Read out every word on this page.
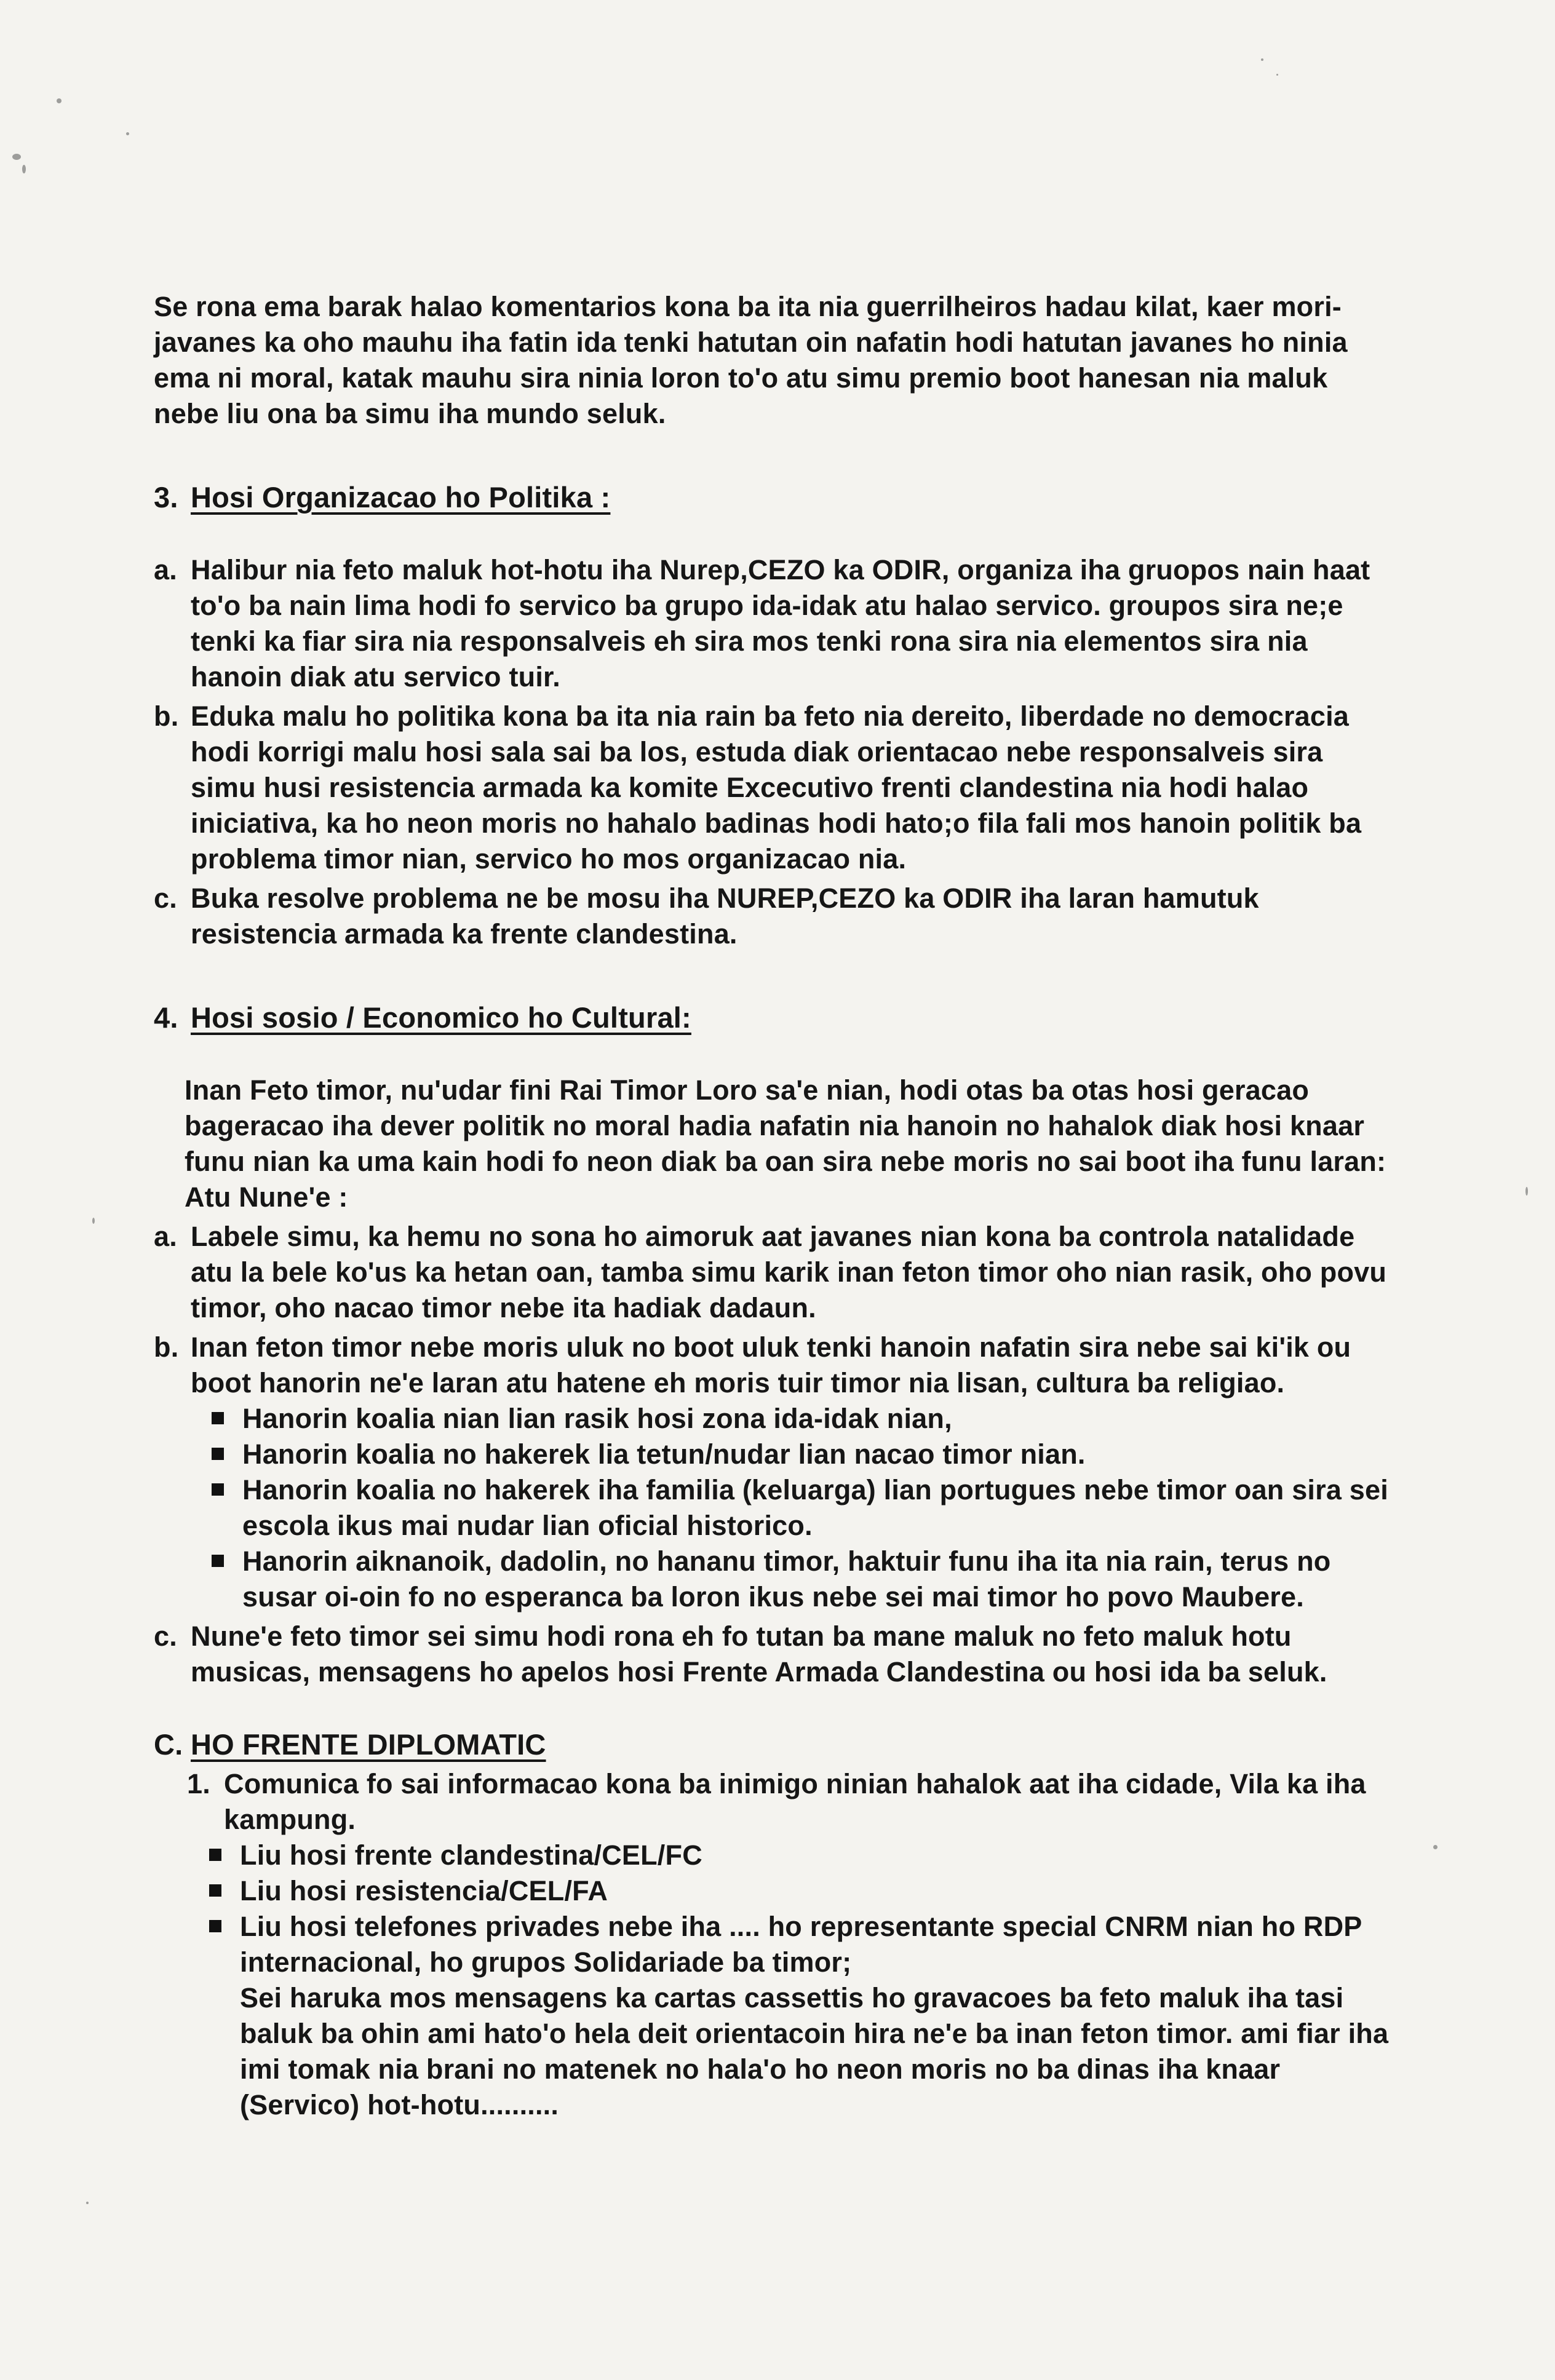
Se rona ema barak halao komentarios kona ba ita nia guerrilheiros hadau kilat, kaer mori-javanes ka oho mauhu iha fatin ida tenki hatutan oin nafatin hodi hatutan javanes ho ninia ema ni moral, katak mauhu sira ninia loron to'o atu simu premio boot hanesan nia maluk nebe liu ona ba simu iha mundo seluk.

3. Hosi Organizacao ho Politika :
a. Halibur nia feto maluk hot-hotu iha Nurep,CEZO ka ODIR, organiza iha gruopos nain haat to'o ba nain lima hodi fo servico ba grupo ida-idak atu halao servico. groupos sira ne;e tenki ka fiar sira nia responsalveis eh sira mos tenki rona sira nia elementos sira nia hanoin diak atu servico tuir.
b. Eduka malu ho politika kona ba ita nia rain ba feto nia dereito, liberdade no democracia hodi korrigi malu hosi sala sai ba los, estuda diak orientacao nebe responsalveis sira simu husi resistencia armada ka komite Excecutivo frenti clandestina nia hodi halao iniciativa, ka ho neon moris no hahalo badinas hodi hato;o fila fali mos hanoin politik ba problema timor nian, servico ho mos organizacao nia.
c. Buka resolve problema ne be mosu iha NUREP,CEZO ka ODIR iha laran hamutuk resistencia armada ka frente clandestina.
4. Hosi sosio / Economico ho Cultural:

Inan Feto timor, nu'udar fini Rai Timor Loro sa'e nian, hodi otas ba otas hosi geracao bageracao iha dever politik no moral hadia nafatin nia hanoin no hahalok diak hosi knaar funu nian ka uma kain hodi fo neon diak ba oan sira nebe moris no sai boot iha funu laran:

Atu Nune'e :

a. Labele simu, ka hemu no sona ho aimoruk aat javanes nian kona ba controla natalidade atu la bele ko'us ka hetan oan, tamba simu karik inan feton timor oho nian rasik, oho povu timor, oho nacao timor nebe ita hadiak dadaun.
b. Inan feton timor nebe moris uluk no boot uluk tenki hanoin nafatin sira nebe sai ki'ik ou boot hanorin ne'e laran atu hatene eh moris tuir timor nia lisan, cultura ba religiao.
Hanorin koalia nian lian rasik hosi zona ida-idak nian,
Hanorin koalia no hakerek lia tetun/nudar lian nacao timor nian.
Hanorin koalia no hakerek iha familia (keluarga) lian portugues nebe timor oan sira sei escola ikus mai nudar lian oficial historico.
Hanorin aiknanoik, dadolin, no hananu timor, haktuir funu iha ita nia rain, terus no susar oi-oin fo no esperanca ba loron ikus nebe sei mai timor ho povo Maubere.
c. Nune'e feto timor sei simu hodi rona eh fo tutan ba mane maluk no feto maluk hotu musicas, mensagens ho apelos hosi Frente Armada Clandestina ou hosi ida ba seluk.
C. HO FRENTE DIPLOMATIC
1. Comunica fo sai informacao kona ba inimigo ninian hahalok aat iha cidade, Vila ka iha kampung.
Liu hosi frente clandestina/CEL/FC
Liu hosi resistencia/CEL/FA
Liu hosi telefones privades nebe iha .... ho representante special CNRM nian ho RDP internacional, ho grupos Solidariade ba timor;

Sei haruka mos mensagens ka cartas cassettis ho gravacoes ba feto maluk iha tasi baluk ba ohin ami hato'o hela deit orientacoin hira ne'e ba inan feton timor. ami fiar iha imi tomak nia brani no matenek no hala'o ho neon moris no ba dinas iha knaar (Servico) hot-hotu..........
